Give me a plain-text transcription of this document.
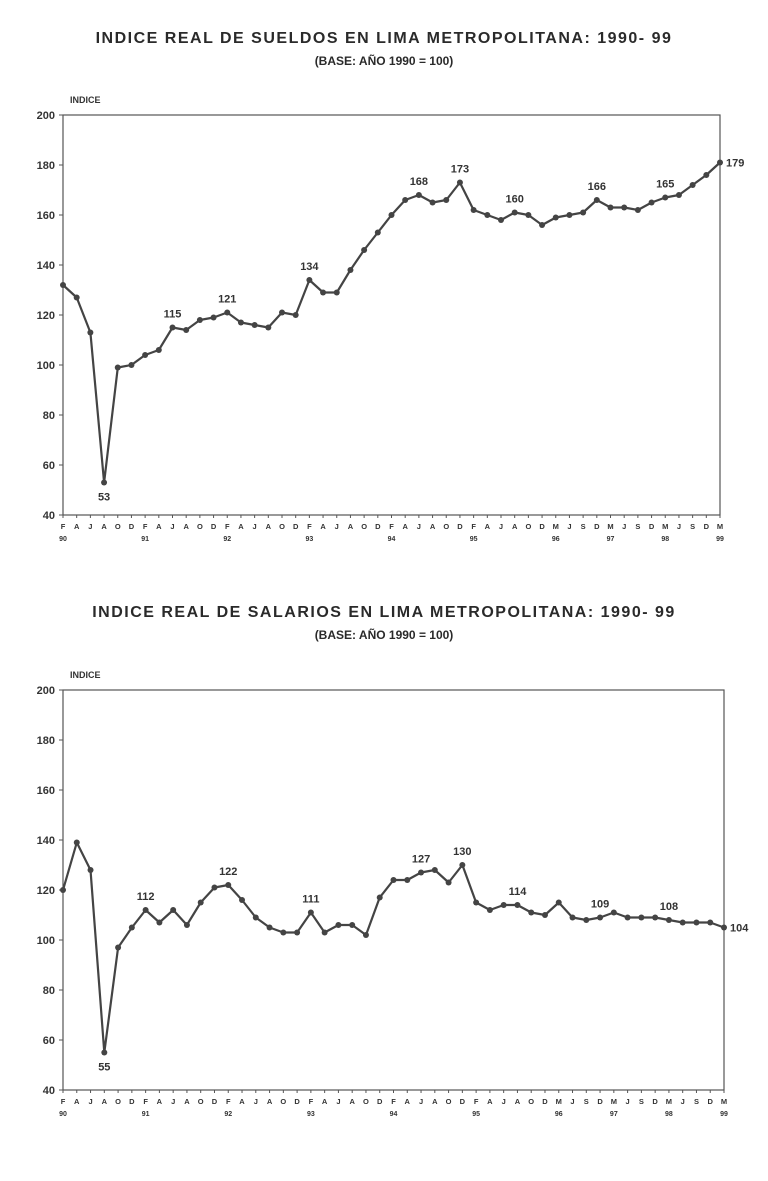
INDICE REAL DE SUELDOS EN LIMA METROPOLITANA: 1990- 99
(BASE: AÑO 1990 = 100)
INDICE
40
60
80
100
120
140
160
180
200
F A J A O D F A J A O D F A J A O D F A J A O D F A J A O D F A J A O D M J S D M J S D M J S D M
90	91	92	93	94	95	96	97	98	99
53
115
121
134
168
173
160
166	165
179
INDICE REAL DE SALARIOS EN LIMA METROPOLITANA: 1990- 99
(BASE: AÑO 1990 = 100)
INDICE
40
60
80
100
120
140
160
180
200
F A J A O D F A J A O D F A J A O D F A J A O D F A J A O D F A J A O D M J S D M J S D M J S D M
90	91	92	93	94	95	96	97	98	99
55
112
122
111
127
130
114
109	108
104
